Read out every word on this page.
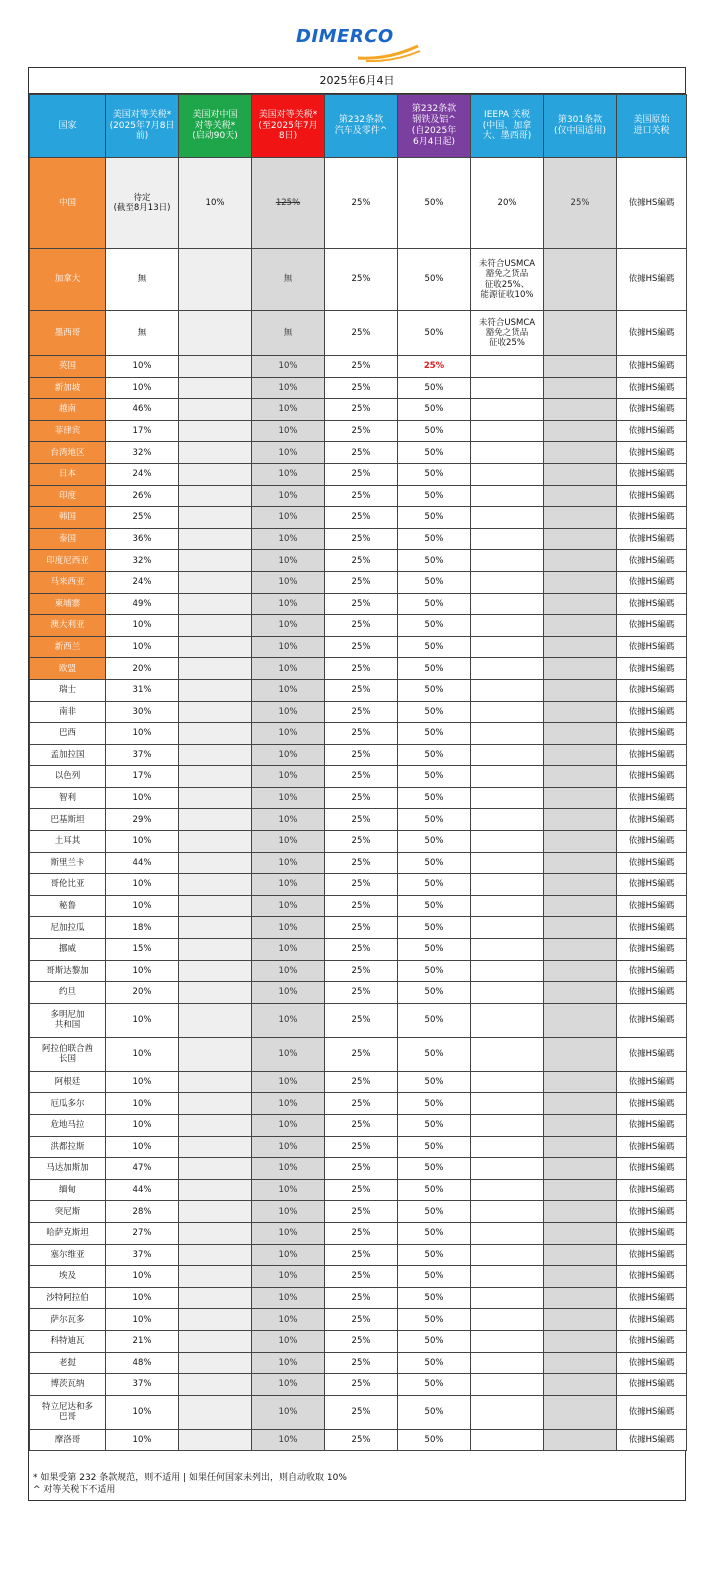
DIMERCO
2025年6月4日
国家	美国对等关税*
(2025年7月8日
前)	美国对中国
对等关税*
(启动90天)	美国对等关税*
(至2025年7月
8日)	第232条款
汽车及零件^	第232条款
钢铁及铝^
(自2025年
6月4日起)	IEEPA 关税
(中国、加拿
大、墨西哥)	第301条款
(仅中国适用)	美国原始
进口关税
中国	待定
(截至8月13日)	10%	125%	25%	50%	20%	25%	依據HS編碼
加拿大	無		無	25%	50%	未符合USMCA
豁免之货品
征收25%、
能源征收10%		依據HS編碼
墨西哥	無		無	25%	50%	未符合USMCA
豁免之货品
征收25%		依據HS編碼
英国	10%		10%	25%	25%			依據HS編碼
新加坡	10%		10%	25%	50%			依據HS編碼
越南	46%		10%	25%	50%			依據HS編碼
菲律宾	17%		10%	25%	50%			依據HS編碼
台湾地区	32%		10%	25%	50%			依據HS編碼
日本	24%		10%	25%	50%			依據HS編碼
印度	26%		10%	25%	50%			依據HS編碼
韩国	25%		10%	25%	50%			依據HS編碼
泰国	36%		10%	25%	50%			依據HS編碼
印度尼西亚	32%		10%	25%	50%			依據HS編碼
马来西亚	24%		10%	25%	50%			依據HS編碼
柬埔寨	49%		10%	25%	50%			依據HS編碼
澳大利亚	10%		10%	25%	50%			依據HS編碼
新西兰	10%		10%	25%	50%			依據HS編碼
欧盟	20%		10%	25%	50%			依據HS編碼
瑞士	31%		10%	25%	50%			依據HS編碼
南非	30%		10%	25%	50%			依據HS編碼
巴西	10%		10%	25%	50%			依據HS編碼
孟加拉国	37%		10%	25%	50%			依據HS編碼
以色列	17%		10%	25%	50%			依據HS編碼
智利	10%		10%	25%	50%			依據HS編碼
巴基斯坦	29%		10%	25%	50%			依據HS編碼
土耳其	10%		10%	25%	50%			依據HS編碼
斯里兰卡	44%		10%	25%	50%			依據HS編碼
哥伦比亚	10%		10%	25%	50%			依據HS編碼
秘鲁	10%		10%	25%	50%			依據HS編碼
尼加拉瓜	18%		10%	25%	50%			依據HS編碼
挪威	15%		10%	25%	50%			依據HS編碼
哥斯达黎加	10%		10%	25%	50%			依據HS編碼
约旦	20%		10%	25%	50%			依據HS編碼
多明尼加
共和国	10%		10%	25%	50%			依據HS編碼
阿拉伯联合酋
长国	10%		10%	25%	50%			依據HS編碼
阿根廷	10%		10%	25%	50%			依據HS編碼
厄瓜多尔	10%		10%	25%	50%			依據HS編碼
危地马拉	10%		10%	25%	50%			依據HS編碼
洪都拉斯	10%		10%	25%	50%			依據HS編碼
马达加斯加	47%		10%	25%	50%			依據HS編碼
缅甸	44%		10%	25%	50%			依據HS編碼
突尼斯	28%		10%	25%	50%			依據HS編碼
哈萨克斯坦	27%		10%	25%	50%			依據HS編碼
塞尔维亚	37%		10%	25%	50%			依據HS編碼
埃及	10%		10%	25%	50%			依據HS編碼
沙特阿拉伯	10%		10%	25%	50%			依據HS編碼
萨尔瓦多	10%		10%	25%	50%			依據HS編碼
科特迪瓦	21%		10%	25%	50%			依據HS編碼
老挝	48%		10%	25%	50%			依據HS編碼
博茨瓦纳	37%		10%	25%	50%			依據HS編碼
特立尼达和多
巴哥	10%		10%	25%	50%			依據HS編碼
摩洛哥	10%		10%	25%	50%			依據HS編碼
* 如果受第 232 条款规范，则不适用 | 如果任何国家未列出，则自动收取 10%
^ 对等关税下不适用
